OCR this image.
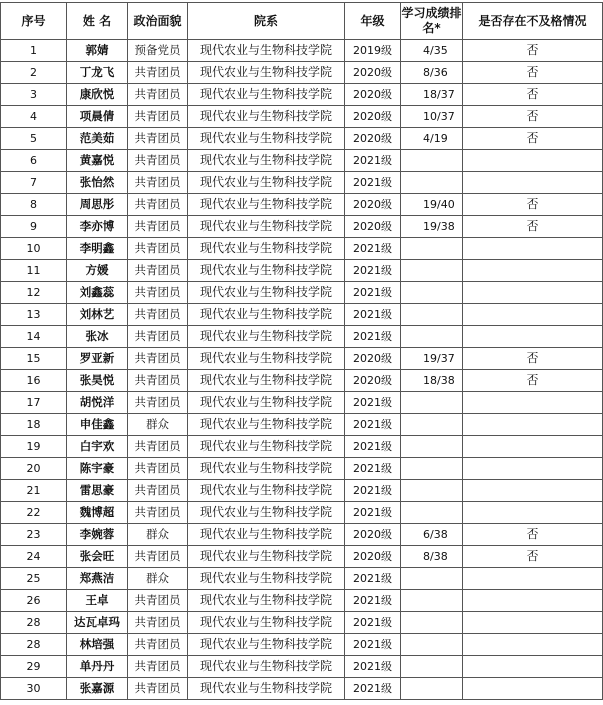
序号	姓 名	政治面貌	院系	年级	学习成绩排名*	是否存在不及格情况
1	郭婧	预备党员	现代农业与生物科技学院	2019级	4/35	否
2	丁龙飞	共青团员	现代农业与生物科技学院	2020级	8/36	否
3	康欣悦	共青团员	现代农业与生物科技学院	2020级	18/37	否
4	项晨倩	共青团员	现代农业与生物科技学院	2020级	10/37	否
5	范美茹	共青团员	现代农业与生物科技学院	2020级	4/19	否
6	黄嘉悦	共青团员	现代农业与生物科技学院	2021级		
7	张怡然	共青团员	现代农业与生物科技学院	2021级		
8	周思彤	共青团员	现代农业与生物科技学院	2020级	19/40	否
9	李亦博	共青团员	现代农业与生物科技学院	2020级	19/38	否
10	李明鑫	共青团员	现代农业与生物科技学院	2021级		
11	方媛	共青团员	现代农业与生物科技学院	2021级		
12	刘鑫蕊	共青团员	现代农业与生物科技学院	2021级		
13	刘林艺	共青团员	现代农业与生物科技学院	2021级		
14	张冰	共青团员	现代农业与生物科技学院	2021级		
15	罗亚新	共青团员	现代农业与生物科技学院	2020级	19/37	否
16	张昊悦	共青团员	现代农业与生物科技学院	2020级	18/38	否
17	胡悦洋	共青团员	现代农业与生物科技学院	2021级		
18	申佳鑫	群众	现代农业与生物科技学院	2021级		
19	白宇欢	共青团员	现代农业与生物科技学院	2021级		
20	陈宇豪	共青团员	现代农业与生物科技学院	2021级		
21	雷思豪	共青团员	现代农业与生物科技学院	2021级		
22	魏博超	共青团员	现代农业与生物科技学院	2021级		
23	李婉蓉	群众	现代农业与生物科技学院	2020级	6/38	否
24	张会旺	共青团员	现代农业与生物科技学院	2020级	8/38	否
25	郑燕洁	群众	现代农业与生物科技学院	2021级		
26	王卓	共青团员	现代农业与生物科技学院	2021级		
28	达瓦卓玛	共青团员	现代农业与生物科技学院	2021级		
28	林培强	共青团员	现代农业与生物科技学院	2021级		
29	单丹丹	共青团员	现代农业与生物科技学院	2021级		
30	张嘉源	共青团员	现代农业与生物科技学院	2021级		
